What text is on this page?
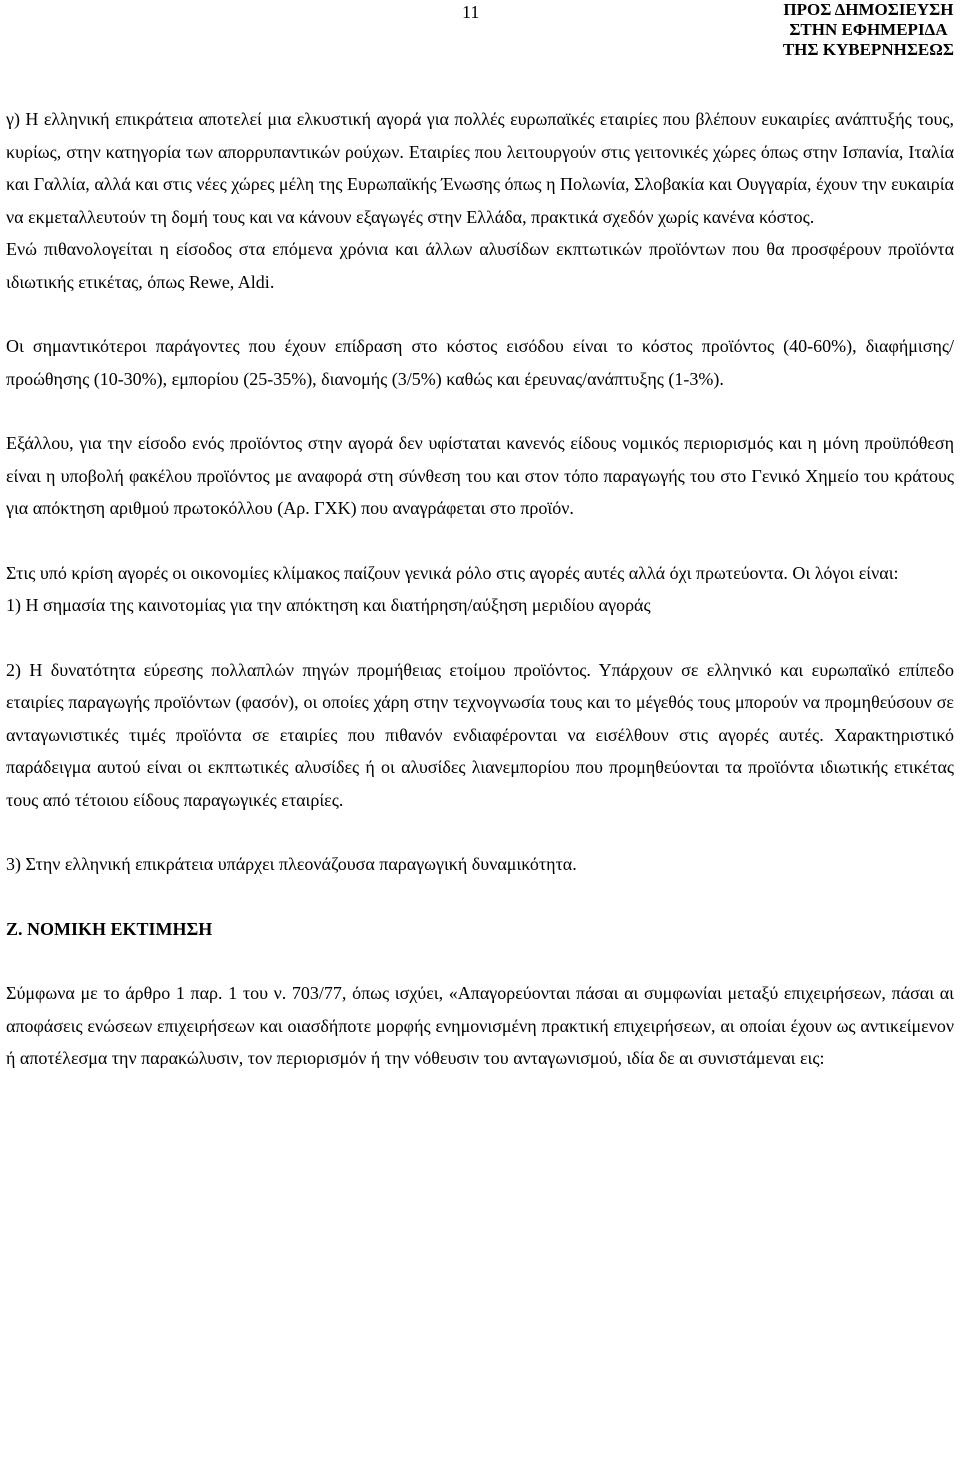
11	ΠΡΟΣ ΔΗΜΟΣΙΕΥΣΗ
ΣΤΗΝ ΕΦΗΜΕΡΙΔΑ
ΤΗΣ ΚΥΒΕΡΝΗΣΕΩΣ

γ) Η ελληνική επικράτεια αποτελεί μια ελκυστική αγορά για πολλές ευρωπαϊκές εταιρίες που βλέπουν ευκαιρίες ανάπτυξής τους, κυρίως, στην κατηγορία των απορρυπαντικών ρούχων. Εταιρίες που λειτουργούν στις γειτονικές χώρες όπως στην Ισπανία, Ιταλία και Γαλλία, αλλά και στις νέες χώρες μέλη της Ευρωπαϊκής Ένωσης όπως η Πολωνία, Σλοβακία και Ουγγαρία, έχουν την ευκαιρία να εκμεταλλευτούν τη δομή τους και να κάνουν εξαγωγές στην Ελλάδα, πρακτικά σχεδόν χωρίς κανένα κόστος.

Ενώ πιθανολογείται η είσοδος στα επόμενα χρόνια και άλλων αλυσίδων εκπτωτικών προϊόντων που θα προσφέρουν προϊόντα ιδιωτικής ετικέτας, όπως Rewe, Aldi.

Οι σημαντικότεροι παράγοντες που έχουν επίδραση στο κόστος εισόδου είναι το κόστος προϊόντος (40-60%), διαφήμισης/προώθησης (10-30%), εμπορίου (25-35%), διανομής (3/5%) καθώς και έρευνας/ανάπτυξης (1-3%).

Εξάλλου, για την είσοδο ενός προϊόντος στην αγορά δεν υφίσταται κανενός είδους νομικός περιορισμός και η μόνη προϋπόθεση είναι η υποβολή φακέλου προϊόντος με αναφορά στη σύνθεση του και στον τόπο παραγωγής του στο Γενικό Χημείο του κράτους για απόκτηση αριθμού πρωτοκόλλου (Αρ. ΓΧΚ) που αναγράφεται στο προϊόν.

Στις υπό κρίση αγορές οι οικονομίες κλίμακος παίζουν γενικά ρόλο στις αγορές αυτές αλλά όχι πρωτεύοντα. Οι λόγοι είναι:

1) Η σημασία της καινοτομίας για την απόκτηση και διατήρηση/αύξηση μεριδίου αγοράς

2) Η δυνατότητα εύρεσης πολλαπλών πηγών προμήθειας ετοίμου προϊόντος. Υπάρχουν σε ελληνικό και ευρωπαϊκό επίπεδο εταιρίες παραγωγής προϊόντων (φασόν), οι οποίες χάρη στην τεχνογνωσία τους και το μέγεθός τους μπορούν να προμηθεύσουν σε ανταγωνιστικές τιμές προϊόντα σε εταιρίες που πιθανόν ενδιαφέρονται να εισέλθουν στις αγορές αυτές. Χαρακτηριστικό παράδειγμα αυτού είναι οι εκπτωτικές αλυσίδες ή οι αλυσίδες λιανεμπορίου που προμηθεύονται τα προϊόντα ιδιωτικής ετικέτας τους από τέτοιου είδους παραγωγικές εταιρίες.

3) Στην ελληνική επικράτεια υπάρχει πλεονάζουσα παραγωγική δυναμικότητα.

Ζ. ΝΟΜΙΚΗ ΕΚΤΙΜΗΣΗ

Σύμφωνα με το άρθρο 1 παρ. 1 του ν. 703/77, όπως ισχύει, «Απαγορεύονται πάσαι αι συμφωνίαι μεταξύ επιχειρήσεων, πάσαι αι αποφάσεις ενώσεων επιχειρήσεων και οιασδήποτε μορφής ενημονισμένη πρακτική επιχειρήσεων, αι οποίαι έχουν ως αντικείμενον ή αποτέλεσμα την παρακώλυσιν, τον περιορισμόν ή την νόθευσιν του ανταγωνισμού, ιδία δε αι συνιστάμεναι εις:
